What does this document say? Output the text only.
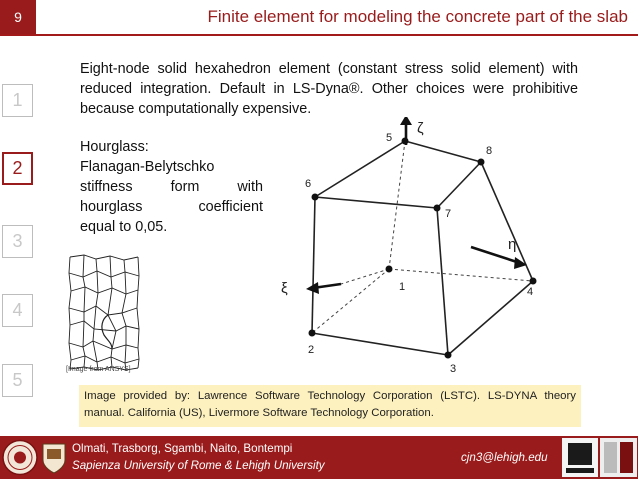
9	Finite element for modeling the concrete part of the slab
1
2
3
4
5
Eight-node solid hexahedron element (constant stress solid element) with reduced integration. Default in LS-Dyna®. Other choices were prohibitive because computationally expensive.
Hourglass:
Flanagan-Belytschko
stiffness form with
hourglass coefficient
equal to 0,05.
[Image from ANSYS]
1
2
3
4
5
6
7
8
ζ
η
ξ
Image provided by: Lawrence Software Technology Corporation (LSTC). LS-DYNA theory manual. California (US), Livermore Software Technology Corporation.
Olmati, Trasborg, Sgambi, Naito, Bontempi
Sapienza University of Rome & Lehigh University
cjn3@lehigh.edu
